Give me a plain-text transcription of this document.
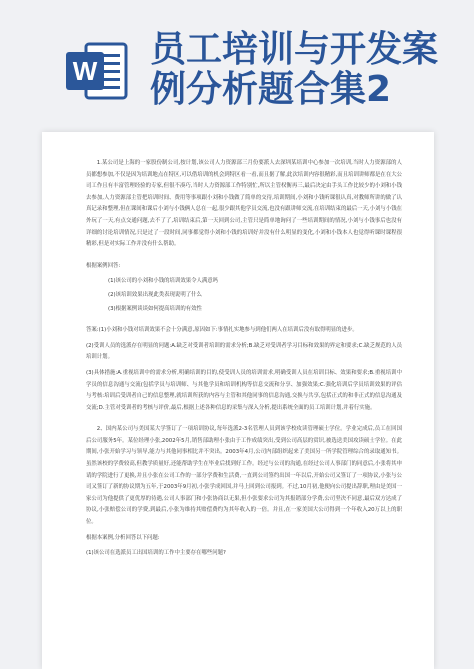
W
员工培训与开发案
例分析题合集2

1.某公司是上海的一家股份制公司,按计划,该公司人力资源部三月份要派人去深圳某培训中心参加一次培训,当时人力资源部的人员都想参加,不仅是因为培训地点在特区,可以借培训的机会到特区看一看,而且据了解,此次培训内容很精彩,而且培训讲师都是在在大公司工作且有丰富管理经验的专家,但很不凑巧,当时人力资源部工作特别忙,所以主管权衡再三,最后决定由手头工作比较少的小刘和小钱去参加,人力资源部主管把培训时间、费用等事项跟小刘和小钱做了简单的交待,培训期间,小刘和小钱听课很认真,对教师所讲的做了认真记录和整理,但在课间和课后小刘与小钱俩人总在一起,很少跟其他学员交流,也没有跟讲师交流,在培训结束的最后一天,小刘与小钱在外玩了一天,有点交通问题,去不了了,培训结束后,第一天回到公司,主管只是简单地询问了一些培训期间的情况,小刘与小钱事后也没有详细的讨论培训情况,只是过了一段时间,同事都觉得小刘和小钱的培训好并没有什么明显的变化,小刘和小钱本人也觉得听课时课程很精彩,但是对实际工作并没有什么帮助。

根据案例回答:

(1)该公司的小刘和小钱的培训效果令人满意吗

(2)该培训效果出现此类表现说明了什么

(3)根据案例谈谈如何提高培训的有效性

答案:(1)小刘和小钱对培训效果不会十分满意,原因如下:事情扎实地参与到他们两人在培训后没有取得明显的进步。

(2)受训人员的选派存在明显的问题:A.缺乏对受训者培训的需求分析;B.缺乏对受训者学习目标和效果的界定和要求;C.缺乏规范的人员培训计划。

(3)具体措施:A.重视培训中的需求分析,明确培训的目的,使受训人员的培训需求,明确受训人员在培训目标、效果和要求;B.重视培训中学员的信息沟通与交流(包括学员与培训师、与其他学员和培训机构等信息交流和分享、加强效果;C.强化培训后学员培训效果的评估与考核:培训后受训者自己的信息整理,就培训所获的内容与主管和其他同事的信息沟通,交换与共享,包括正式的和非正式的信息沟通及交流;D.主管对受训者的考核与评价,最后,根据上述各种信息的采集与深入分析,提出系统全面的员工培训计划,并着行实施。

2、国内某公司与美国某大学签订了一项培训协议,每年选派2-3名管理人员到该学校攻读管理硕士学位。学业完成后,员工在回国后公司服务5年。某位经理小张,2002年5月,销售部助理小张由于工作成绩突出,受到公司高层的赏识,被选送美国攻读硕士学位。在此期间,小张开始学习与领导,能力与其他同事相比并不突出。2003年4月,公司内部组织起来了美国另一所学院管理综合的录取通知书。虽然该校的学费较高,但教学质量好,还能帮助学生在毕业后找到好工作。经过与公司的沟通,在经过公司人事部门的同意后,小张将其申请的学院进行了更换,并且小张在公司工作的一部分学费和生活费,一直到公司签约出国一年以后,开始公司又签订了一项协议,小张与公司又签订了新的协议期为五年,于2003年9月初,小张学成回国,并马上回到公司报到。不过,10月初,他便向公司提出辞职,理由是美国一家公司为他提供了更优厚的待遇,公司人事部门和小张协商以无果,但小张要求公司为其报销部分学费,公司坚决不同意,最后双方达成了协议,小张赔偿公司的学费,到最后,小张为维持其赔偿费约为其年收入的一倍。并且,在一家美国大公司得到一个年收入20万以上的职位。

根据本案例,分析回答以下问题:

(1)该公司在选派员工出国培训的工作中主要存在哪些问题?
